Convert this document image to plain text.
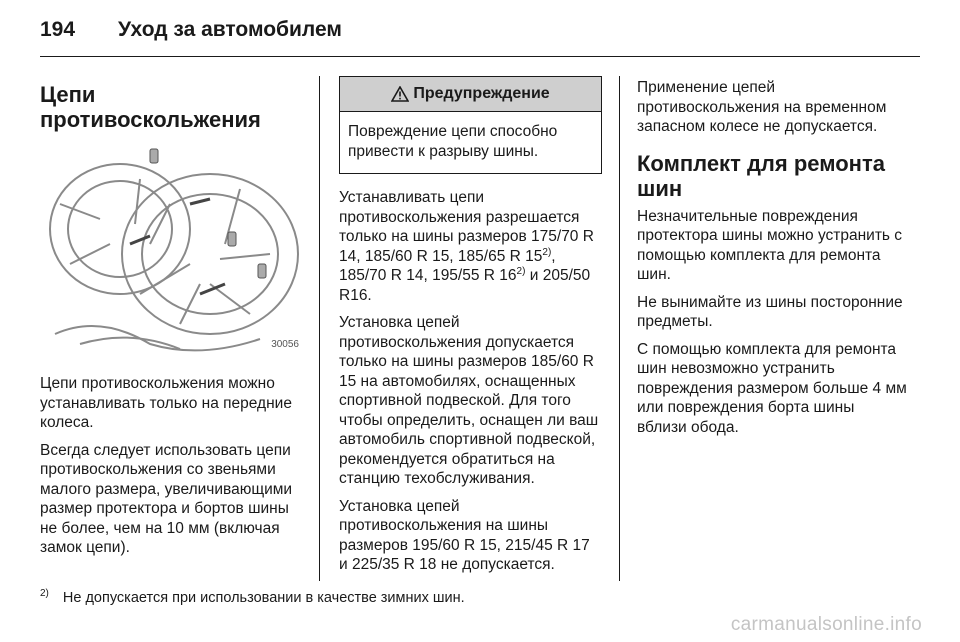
194 Уход за автомобилем
Цепи противоскольжения
30056

Цепи противоскольжения можно устанавливать только на передние колеса.

Всегда следует использовать цепи противоскольжения со звеньями малого размера, увеличивающими размер протектора и бортов шины не более, чем на 10 мм (включая замок цепи).

Предупреждение
Повреждение цепи способно привести к разрыву шины.

Устанавливать цепи противоскольжения разрешается только на шины размеров 175/70 R 14, 185/60 R 15, 185/65 R 15$^{2)}$, 185/70 R 14, 195/55 R 16$^{2)}$ и 205/50 R16.

Установка цепей противоскольжения допускается только на шины размеров 185/60 R 15 на автомобилях, оснащенных спортивной подвеской. Для того чтобы определить, оснащен ли ваш автомобиль спортивной подвеской, рекомендуется обратиться на станцию техобслуживания.

Установка цепей противоскольжения на шины размеров 195/60 R 15, 215/45 R 17 и 225/35 R 18 не допускается.

Применение цепей противоскольжения на временном запасном колесе не допускается.

Комплект для ремонта шин

Незначительные повреждения протектора шины можно устранить с помощью комплекта для ремонта шин.

Не вынимайте из шины посторонние предметы.

С помощью комплекта для ремонта шин невозможно устранить повреждения размером больше 4 мм или повреждения борта шины вблизи обода.

$^{2)}$ Не допускается при использовании в качестве зимних шин.
carmanualsonline.info
